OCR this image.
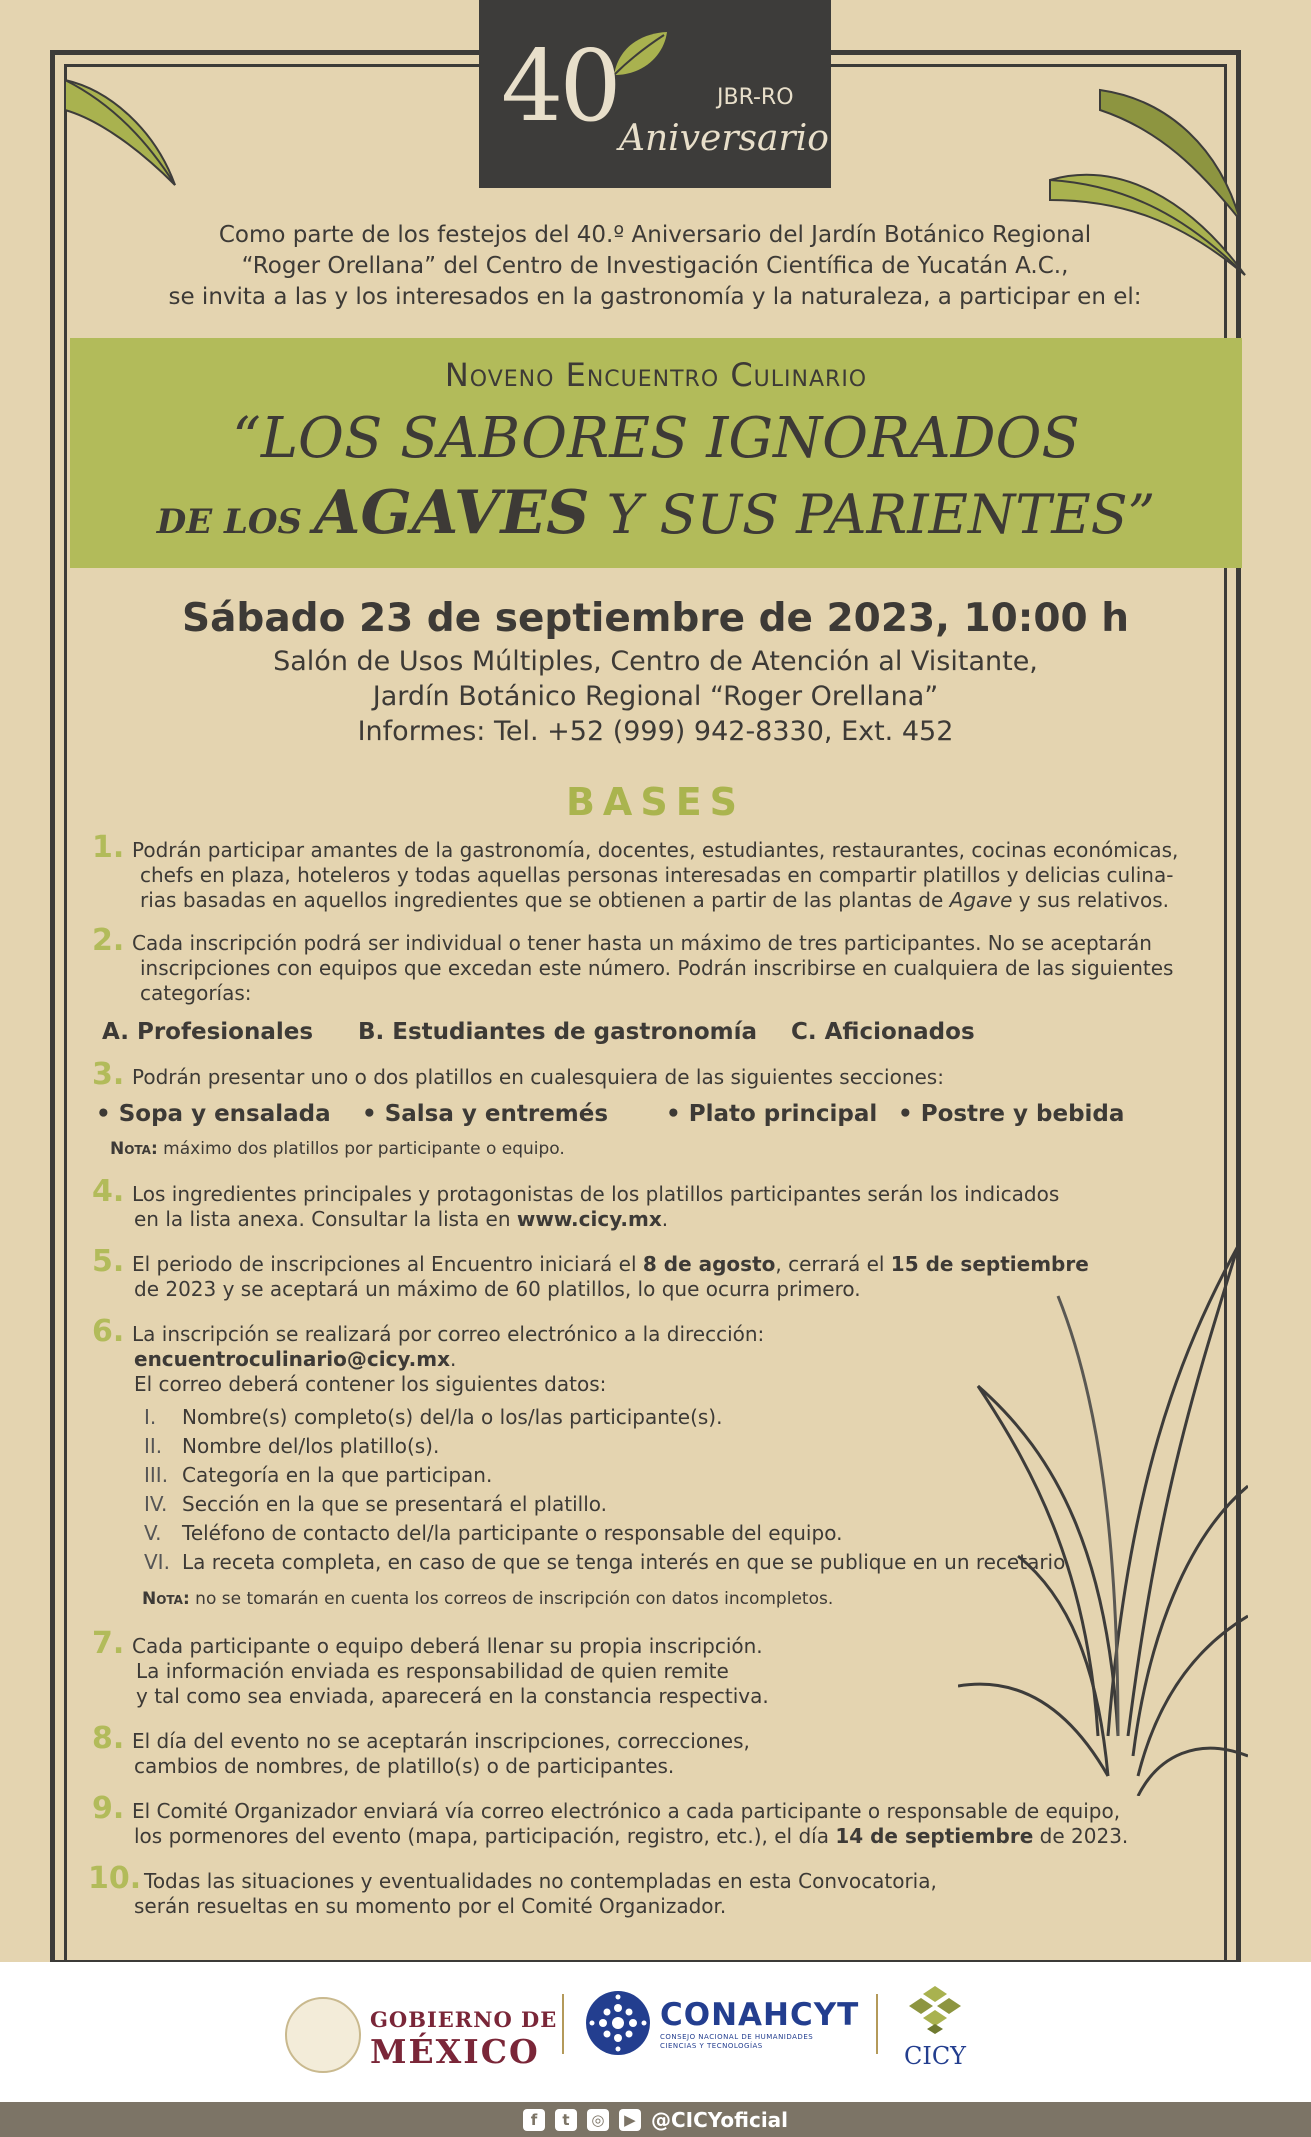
40	JBR-RO
Aniversario
Como parte de los festejos del 40.º Aniversario del Jardín Botánico Regional
“Roger Orellana” del Centro de Investigación Científica de Yucatán A.C.,
se invita a las y los interesados en la gastronomía y la naturaleza, a participar en el:
Noveno Encuentro Culinario
“LOS SABORES IGNORADOS
DE LOS AGAVES Y SUS PARIENTES”
Sábado 23 de septiembre de 2023, 10:00 h
Salón de Usos Múltiples, Centro de Atención al Visitante,
Jardín Botánico Regional “Roger Orellana”
Informes: Tel. +52 (999) 942-8330, Ext. 452
BASES
1. Podrán participar amantes de la gastronomía, docentes, estudiantes, restaurantes, cocinas económicas,
chefs en plaza, hoteleros y todas aquellas personas interesadas en compartir platillos y delicias culina-
rias basadas en aquellos ingredientes que se obtienen a partir de las plantas de Agave y sus relativos.
2. Cada inscripción podrá ser individual o tener hasta un máximo de tres participantes. No se aceptarán
inscripciones con equipos que excedan este número. Podrán inscribirse en cualquiera de las siguientes
categorías:
A. Profesionales	B. Estudiantes de gastronomía	C. Aficionados
3. Podrán presentar uno o dos platillos en cualesquiera de las siguientes secciones:
• Sopa y ensalada	• Salsa y entremés	• Plato principal • Postre y bebida
Nota: máximo dos platillos por participante o equipo.
4. Los ingredientes principales y protagonistas de los platillos participantes serán los indicados
en la lista anexa. Consultar la lista en www.cicy.mx.
5. El periodo de inscripciones al Encuentro iniciará el 8 de agosto, cerrará el 15 de septiembre
de 2023 y se aceptará un máximo de 60 platillos, lo que ocurra primero.
6. La inscripción se realizará por correo electrónico a la dirección:
encuentroculinario@cicy.mx.
El correo deberá contener los siguientes datos:
I.	Nombre(s) completo(s) del/la o los/las participante(s).
II. Nombre del/los platillo(s).
III. Categoría en la que participan.
IV. Sección en la que se presentará el platillo.
V.	Teléfono de contacto del/la participante o responsable del equipo.
VI. La receta completa, en caso de que se tenga interés en que se publique en un recetario.
Nota: no se tomarán en cuenta los correos de inscripción con datos incompletos.
7. Cada participante o equipo deberá llenar su propia inscripción.
La información enviada es responsabilidad de quien remite
y tal como sea enviada, aparecerá en la constancia respectiva.
8. El día del evento no se aceptarán inscripciones, correcciones,
cambios de nombres, de platillo(s) o de participantes.
9. El Comité Organizador enviará vía correo electrónico a cada participante o responsable de equipo,
los pormenores del evento (mapa, participación, registro, etc.), el día 14 de septiembre de 2023.
10. Todas las situaciones y eventualidades no contempladas en esta Convocatoria,
serán resueltas en su momento por el Comité Organizador.
GOBIERNO DE
MÉXICO
CONAHCYT
CONSEJO NACIONAL DE HUMANIDADES
CIENCIAS Y TECNOLOGÍAS	CICY
f	t	◎	▶ @CICYoficial
